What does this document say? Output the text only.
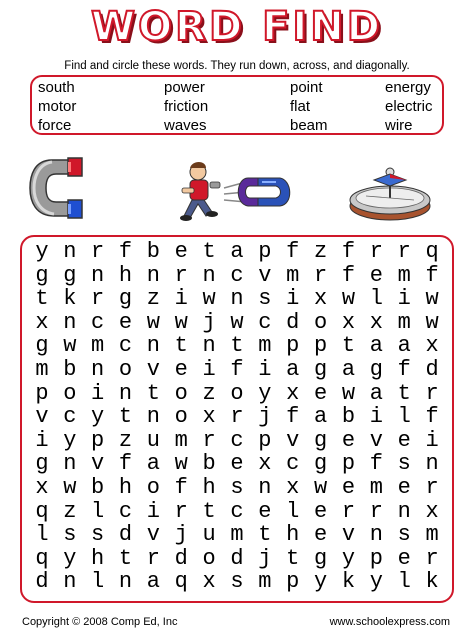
WORD FIND
Find and circle these words. They run down, across, and diagonally.
south	power	point	energy
motor	friction	flat	electric
force	waves	beam	wire
y n r f b e t a p f z f r r q
g g n h n r n c v m r f e m f
t k r g z i w n s i x w l i w
x n c e w w j w c d o x x m w
g w m c n t n t m p p t a a x
m b n o v e i f i a g a g f d
p o i n t o z o y x e w a t r
v c y t n o x r j f a b i l f
i y p z u m r c p v g e v e i
g n v f a w b e x c g p f s n
x w b h o f h s n x w e m e r
q z l c i r t c e l e r r n x
l s s d v j u m t h e v n s m
q y h t r d o d j t g y p e r
d n l n a q x s m p y k y l k
Copyright © 2008 Comp Ed, Inc	www.schoolexpress.com
